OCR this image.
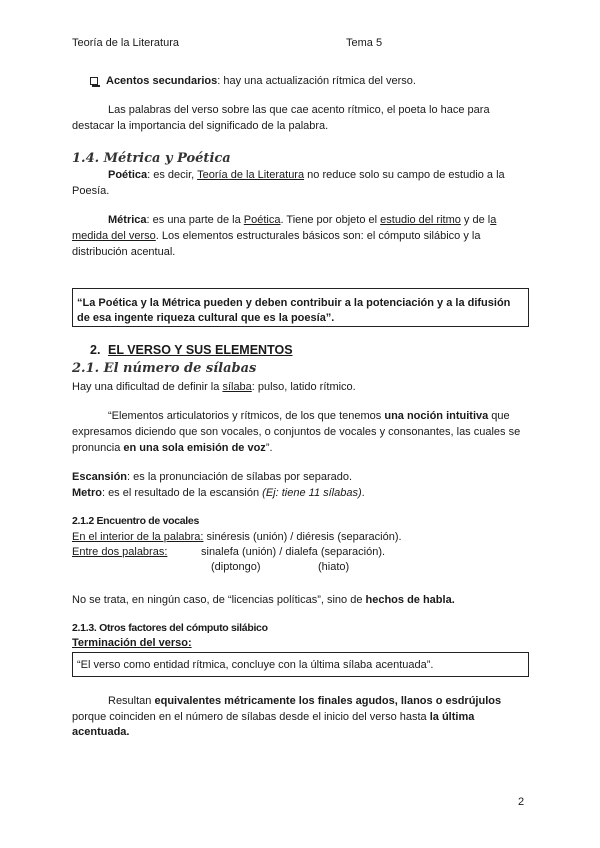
Teoría de la Literatura	Tema 5
Acentos secundarios: hay una actualización rítmica del verso.
Las palabras del verso sobre las que cae acento rítmico, el poeta lo hace para
destacar la importancia del significado de la palabra.
1.4. Métrica y Poética
Poética: es decir, Teoría de la Literatura no reduce solo su campo de estudio a la
Poesía.
Métrica: es una parte de la Poética. Tiene por objeto el estudio del ritmo y de la
medida del verso. Los elementos estructurales básicos son: el cómputo silábico y la
distribución acentual.
“La Poética y la Métrica pueden y deben contribuir a la potenciación y a la difusión
de esa ingente riqueza cultural que es la poesía”.
2. EL VERSO Y SUS ELEMENTOS
2.1. El número de sílabas
Hay una dificultad de definir la sílaba: pulso, latido rítmico.
“Elementos articulatorios y rítmicos, de los que tenemos una noción intuitiva que
expresamos diciendo que son vocales, o conjuntos de vocales y consonantes, las cuales se
pronuncia en una sola emisión de voz”.
Escansión: es la pronunciación de sílabas por separado.
Metro: es el resultado de la escansión (Ej: tiene 11 sílabas).
2.1.2 Encuentro de vocales
En el interior de la palabra: sinéresis (unión) / diéresis (separación).
Entre dos palabras:	sinalefa (unión) / dialefa (separación).
(diptongo)	(hiato)
No se trata, en ningún caso, de “licencias políticas”, sino de hechos de habla.
2.1.3. Otros factores del cómputo silábico
Terminación del verso:
“El verso como entidad rítmica, concluye con la última sílaba acentuada”.
Resultan equivalentes métricamente los finales agudos, llanos o esdrújulos
porque coinciden en el número de sílabas desde el inicio del verso hasta la última
acentuada.
2
